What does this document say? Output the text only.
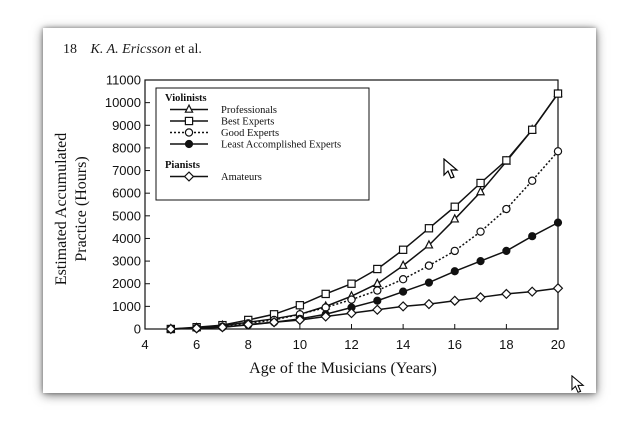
18 K. A. Ericsson et al.
4	6	8	10	12	14	16	18	20
0
1000
2000
3000
4000
5000
6000
7000
8000
9000
10000
11000
Violinists
Professionals
Best Experts
Good Experts
Least Accomplished Experts
Pianists
Amateurs
Age of the Musicians (Years)
Estimated Accumulated Practice (Hours)
